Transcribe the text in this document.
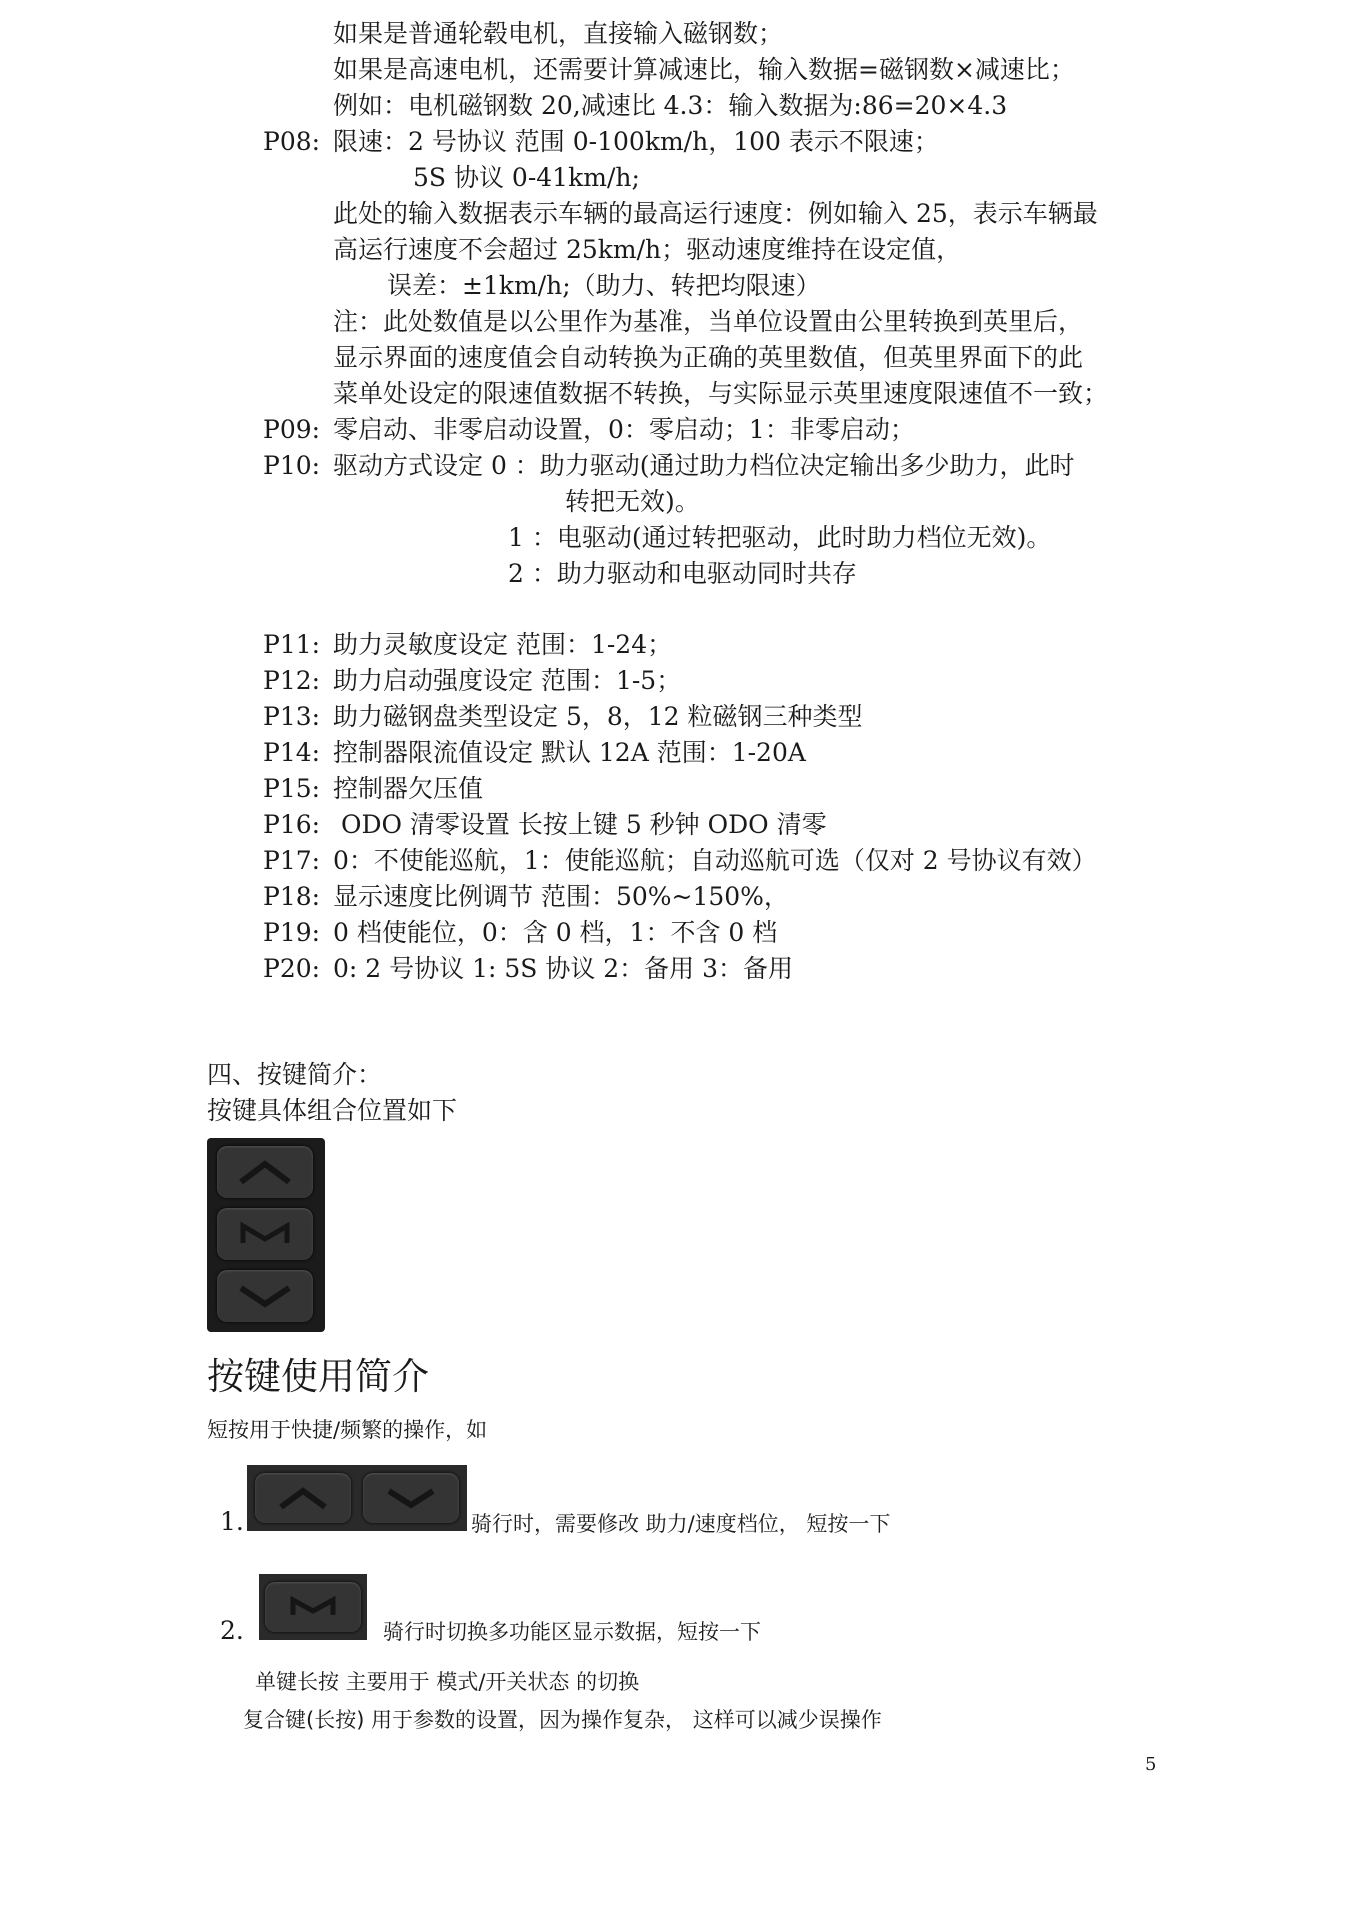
如果是普通轮毂电机，直接输入磁钢数；
如果是高速电机，还需要计算减速比，输入数据=磁钢数×减速比；
例如：电机磁钢数 20,减速比 4.3：输入数据为:86=20×4.3
P08: 限速：2 号协议 范围 0-100km/h，100 表示不限速；
5S 协议 0-41km/h;
此处的输入数据表示车辆的最高运行速度：例如输入 25，表示车辆最
高运行速度不会超过 25km/h；驱动速度维持在设定值，
误差：±1km/h;（助力、转把均限速）
注：此处数值是以公里作为基准，当单位设置由公里转换到英里后，
显示界面的速度值会自动转换为正确的英里数值，但英里界面下的此
菜单处设定的限速值数据不转换，与实际显示英里速度限速值不一致；
P09: 零启动、非零启动设置，0：零启动；1：非零启动；
P10: 驱动方式设定 0 ：助力驱动(通过助力档位决定输出多少助力，此时
转把无效)。
1 ：电驱动(通过转把驱动，此时助力档位无效)。
2 ：助力驱动和电驱动同时共存
P11: 助力灵敏度设定 范围：1-24；
P12: 助力启动强度设定 范围：1-5；
P13: 助力磁钢盘类型设定 5，8，12 粒磁钢三种类型
P14: 控制器限流值设定 默认 12A 范围：1-20A
P15: 控制器欠压值
P16: ODO 清零设置 长按上键 5 秒钟 ODO 清零
P17: 0：不使能巡航，1：使能巡航；自动巡航可选（仅对 2 号协议有效）
P18: 显示速度比例调节 范围：50%~150%，
P19: 0 档使能位，0：含 0 档，1：不含 0 档
P20: 0: 2 号协议 1: 5S 协议 2：备用 3：备用
四、按键简介：
按键具体组合位置如下
按键使用简介
短按用于快捷/频繁的操作，如
1.	骑行时，需要修改 助力/速度档位， 短按一下
2.	骑行时切换多功能区显示数据，短按一下
单键长按 主要用于 模式/开关状态 的切换
复合键(长按) 用于参数的设置，因为操作复杂， 这样可以减少误操作
5
